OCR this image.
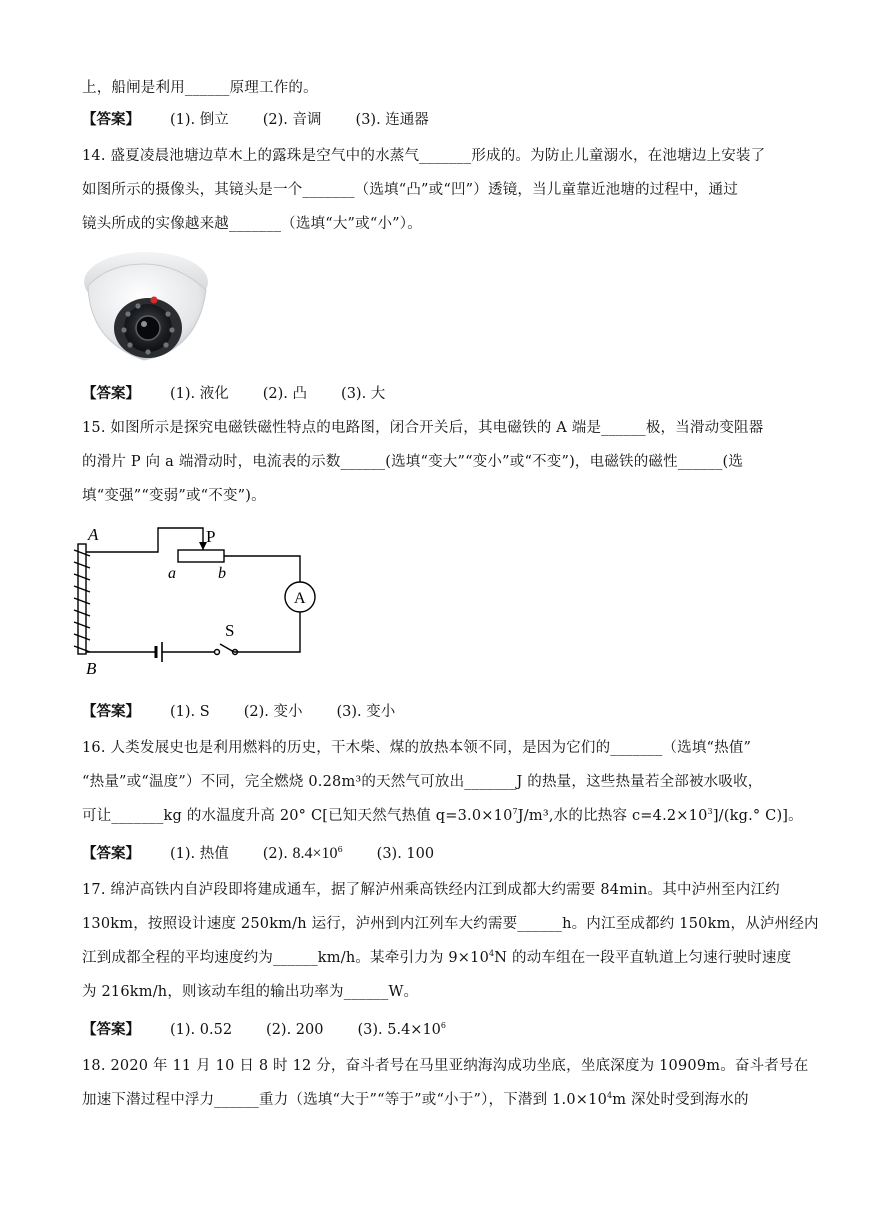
上，船闸是利用______原理工作的。
【答案】 (1). 倒立 (2). 音调 (3). 连通器
14. 盛夏凌晨池塘边草木上的露珠是空气中的水蒸气_______形成的。为防止儿童溺水，在池塘边上安装了
如图所示的摄像头，其镜头是一个_______（选填“凸”或“凹”）透镜，当儿童靠近池塘的过程中，通过
镜头所成的实像越来越_______（选填“大”或“小”）。
【答案】 (1). 液化 (2). 凸 (3). 大
15. 如图所示是探究电磁铁磁性特点的电路图，闭合开关后，其电磁铁的 A 端是______极，当滑动变阻器
的滑片 P 向 a 端滑动时，电流表的示数______(选填“变大”“变小”或“不变”)，电磁铁的磁性______(选
填“变强”“变弱”或“不变”)。
A
B
P
a	b
S
A
【答案】 (1). S (2). 变小 (3). 变小
16. 人类发展史也是利用燃料的历史，干木柴、煤的放热本领不同，是因为它们的_______（选填“热值”
“热量”或“温度”）不同，完全燃烧 0.28m³的天然气可放出_______J 的热量，这些热量若全部被水吸收，
可让_______kg 的水温度升高 20° C[已知天然气热值 $q=3.0\times 10^7J/m^3$,水的比热容 $c=4.2\times 10^3]/(kg.^\circ$ C)]。
【答案】 (1). 热值 (2). $8.4\times 10^6$ (3). 100
17. 绵泸高铁内自泸段即将建成通车，据了解泸州乘高铁经内江到成都大约需要 84min。其中泸州至内江约
130km，按照设计速度 250km/h 运行，泸州到内江列车大约需要______h。内江至成都约 150km，从泸州经内
江到成都全程的平均速度约为______km/h。某牵引力为 $9\times 10^4N$ 的动车组在一段平直轨道上匀速行驶时速度
为 216km/h，则该动车组的输出功率为______W。
【答案】 (1). 0.52 (2). 200 (3). $5.4\times 10^6$
18. 2020 年 11 月 10 日 8 时 12 分，奋斗者号在马里亚纳海沟成功坐底，坐底深度为 10909m。奋斗者号在
加速下潜过程中浮力______重力（选填“大于”“等于”或“小于”），下潜到 $1.0\times 10^4m$ 深处时受到海水的
